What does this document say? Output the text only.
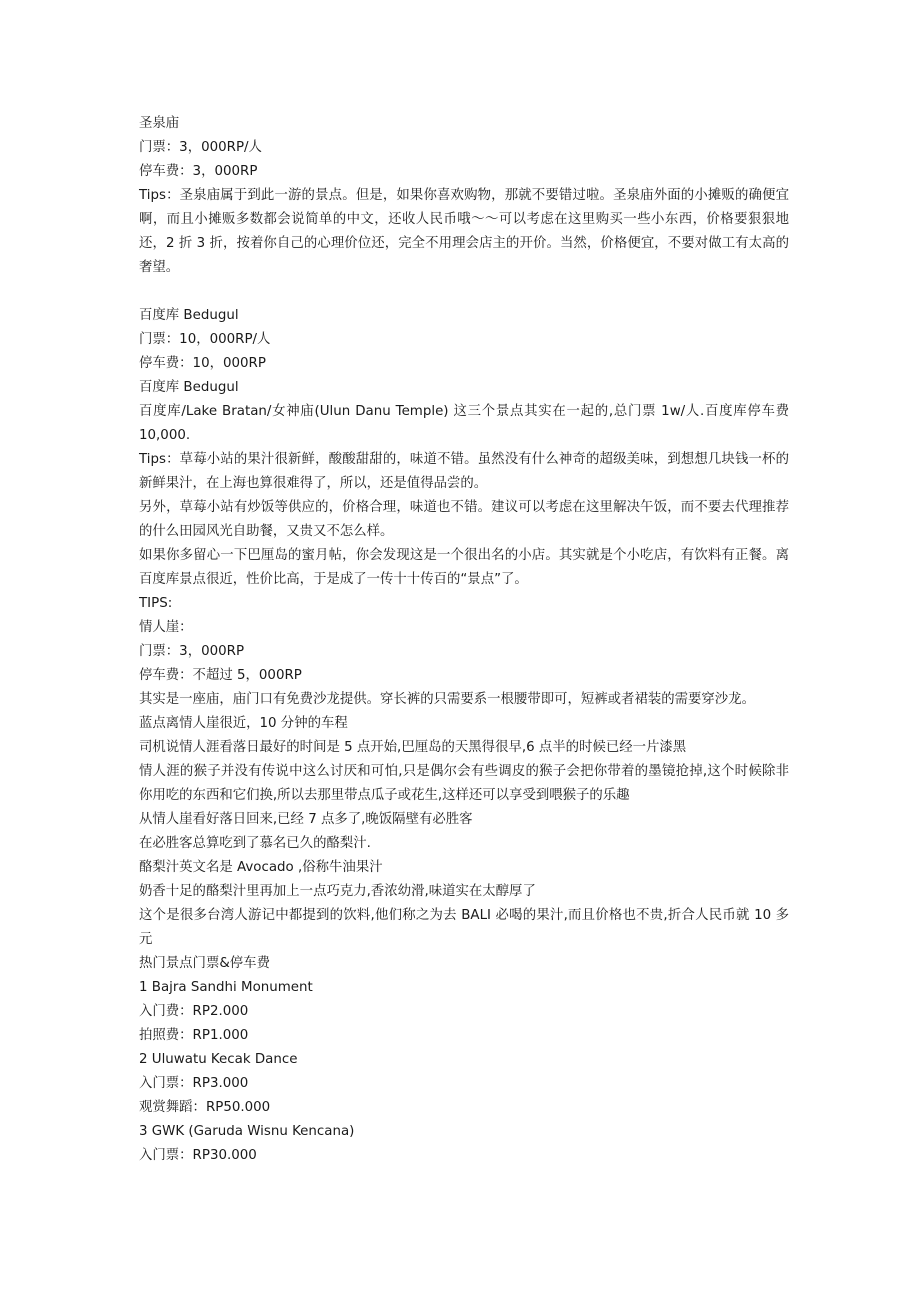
圣泉庙
门票：3，000RP/人
停车费：3，000RP
Tips：圣泉庙属于到此一游的景点。但是，如果你喜欢购物，那就不要错过啦。圣泉庙外面的小摊贩的确便宜啊，而且小摊贩多数都会说简单的中文，还收人民币哦～～可以考虑在这里购买一些小东西，价格要狠狠地还，2 折 3 折，按着你自己的心理价位还，完全不用理会店主的开价。当然，价格便宜，不要对做工有太高的奢望。
百度库 Bedugul
门票：10，000RP/人
停车费：10，000RP
百度库 Bedugul
百度库/Lake Bratan/女神庙(Ulun Danu Temple) 这三个景点其实在一起的,总门票 1w/人.百度库停车费 10,000.
Tips：草莓小站的果汁很新鲜，酸酸甜甜的，味道不错。虽然没有什么神奇的超级美味，到想想几块钱一杯的新鲜果汁，在上海也算很难得了，所以，还是值得品尝的。
另外，草莓小站有炒饭等供应的，价格合理，味道也不错。建议可以考虑在这里解决午饭，而不要去代理推荐的什么田园风光自助餐，又贵又不怎么样。
如果你多留心一下巴厘岛的蜜月帖，你会发现这是一个很出名的小店。其实就是个小吃店，有饮料有正餐。离百度库景点很近，性价比高，于是成了一传十十传百的“景点”了。
TIPS:
情人崖：
门票：3，000RP
停车费：不超过 5，000RP
其实是一座庙，庙门口有免费沙龙提供。穿长裤的只需要系一根腰带即可，短裤或者裙装的需要穿沙龙。
蓝点离情人崖很近，10 分钟的车程
司机说情人涯看落日最好的时间是 5 点开始,巴厘岛的天黑得很早,6 点半的时候已经一片漆黑
情人涯的猴子并没有传说中这么讨厌和可怕,只是偶尔会有些调皮的猴子会把你带着的墨镜抢掉,这个时候除非你用吃的东西和它们换,所以去那里带点瓜子或花生,这样还可以享受到喂猴子的乐趣
从情人崖看好落日回来,已经 7 点多了,晚饭隔壁有必胜客
在必胜客总算吃到了慕名已久的酪梨汁.
酪梨汁英文名是 Avocado ,俗称牛油果汁
奶香十足的酪梨汁里再加上一点巧克力,香浓幼滑,味道实在太醇厚了
这个是很多台湾人游记中都提到的饮料,他们称之为去 BALI 必喝的果汁,而且价格也不贵,折合人民币就 10 多元
热门景点门票&停车费
1 Bajra Sandhi Monument
入门费：RP2.000
拍照费：RP1.000
2 Uluwatu Kecak Dance
入门票：RP3.000
观赏舞蹈：RP50.000
3 GWK (Garuda Wisnu Kencana)
入门票：RP30.000
